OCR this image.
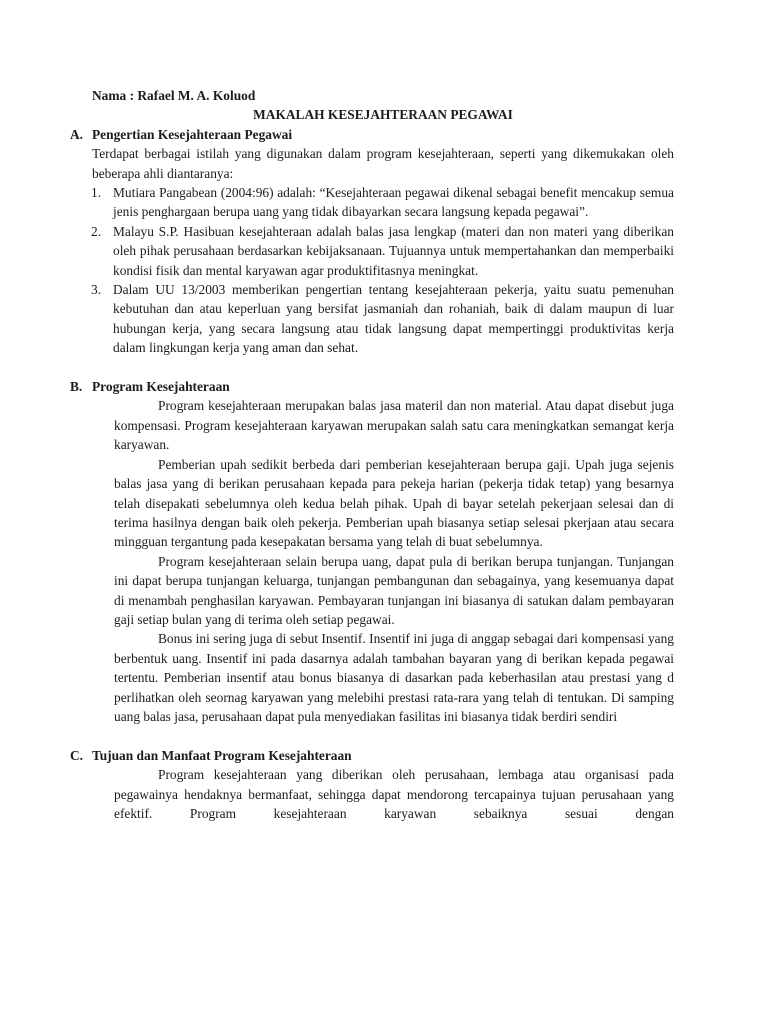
Nama : Rafael M. A. Koluod

MAKALAH KESEJAHTERAAN PEGAWAI

A. Pengertian Kesejahteraan Pegawai

Terdapat berbagai istilah yang digunakan dalam program kesejahteraan, seperti yang dikemukakan oleh beberapa ahli diantaranya:

1. Mutiara Pangabean (2004:96) adalah: “Kesejahteraan pegawai dikenal sebagai benefit mencakup semua jenis penghargaan berupa uang yang tidak dibayarkan secara langsung kepada pegawai”.
2. Malayu S.P. Hasibuan kesejahteraan adalah balas jasa lengkap (materi dan non materi yang diberikan oleh pihak perusahaan berdasarkan kebijaksanaan. Tujuannya untuk mempertahankan dan memperbaiki kondisi fisik dan mental karyawan agar produktifitasnya meningkat.
3. Dalam UU 13/2003 memberikan pengertian tentang kesejahteraan pekerja, yaitu suatu pemenuhan kebutuhan dan atau keperluan yang bersifat jasmaniah dan rohaniah, baik di dalam maupun di luar hubungan kerja, yang secara langsung atau tidak langsung dapat mempertinggi produktivitas kerja dalam lingkungan kerja yang aman dan sehat.
B. Program Kesejahteraan

Program kesejahteraan merupakan balas jasa materil dan non material. Atau dapat disebut juga kompensasi. Program kesejahteraan karyawan merupakan salah satu cara meningkatkan semangat kerja karyawan.

Pemberian upah sedikit berbeda dari pemberian kesejahteraan berupa gaji. Upah juga sejenis balas jasa yang di berikan perusahaan kepada para pekeja harian (pekerja tidak tetap) yang besarnya telah disepakati sebelumnya oleh kedua belah pihak. Upah di bayar setelah pekerjaan selesai dan di terima hasilnya dengan baik oleh pekerja. Pemberian upah biasanya setiap selesai pkerjaan atau secara mingguan tergantung pada kesepakatan bersama yang telah di buat sebelumnya.

Program kesejahteraan selain berupa uang, dapat pula di berikan berupa tunjangan. Tunjangan ini dapat berupa tunjangan keluarga, tunjangan pembangunan dan sebagainya, yang kesemuanya dapat di menambah penghasilan karyawan. Pembayaran tunjangan ini biasanya di satukan dalam pembayaran gaji setiap bulan yang di terima oleh setiap pegawai.

Bonus ini sering juga di sebut Insentif. Insentif ini juga di anggap sebagai dari kompensasi yang berbentuk uang. Insentif ini pada dasarnya adalah tambahan bayaran yang di berikan kepada pegawai tertentu. Pemberian insentif atau bonus biasanya di dasarkan pada keberhasilan atau prestasi yang d perlihatkan oleh seornag karyawan yang melebihi prestasi rata-rara yang telah di tentukan. Di samping uang balas jasa, perusahaan dapat pula menyediakan fasilitas ini biasanya tidak berdiri sendiri

C. Tujuan dan Manfaat Program Kesejahteraan

Program kesejahteraan yang diberikan oleh perusahaan, lembaga atau organisasi pada pegawainya hendaknya bermanfaat, sehingga dapat mendorong tercapainya tujuan perusahaan yang efektif. Program kesejahteraan karyawan sebaiknya sesuai dengan
